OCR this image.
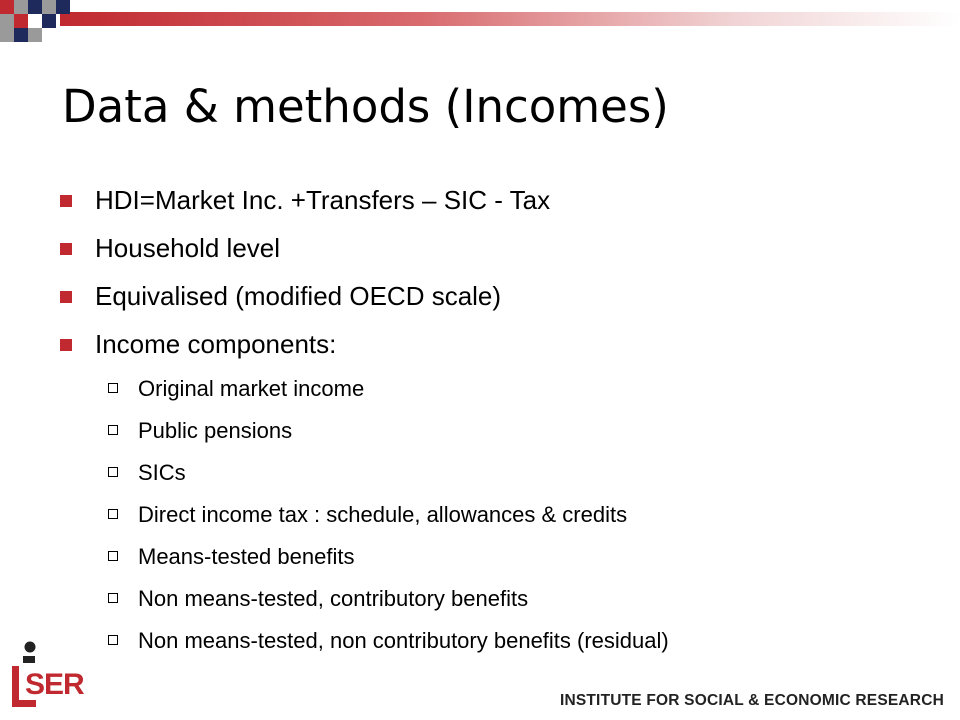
Data & methods (Incomes)
HDI=Market Inc. +Transfers – SIC - Tax
Household level
Equivalised (modified OECD scale)
Income components:
Original market income
Public pensions
SICs
Direct income tax : schedule, allowances & credits
Means-tested benefits
Non means-tested, contributory benefits
Non means-tested, non contributory benefits (residual)
SER	INSTITUTE FOR SOCIAL & ECONOMIC RESEARCH
